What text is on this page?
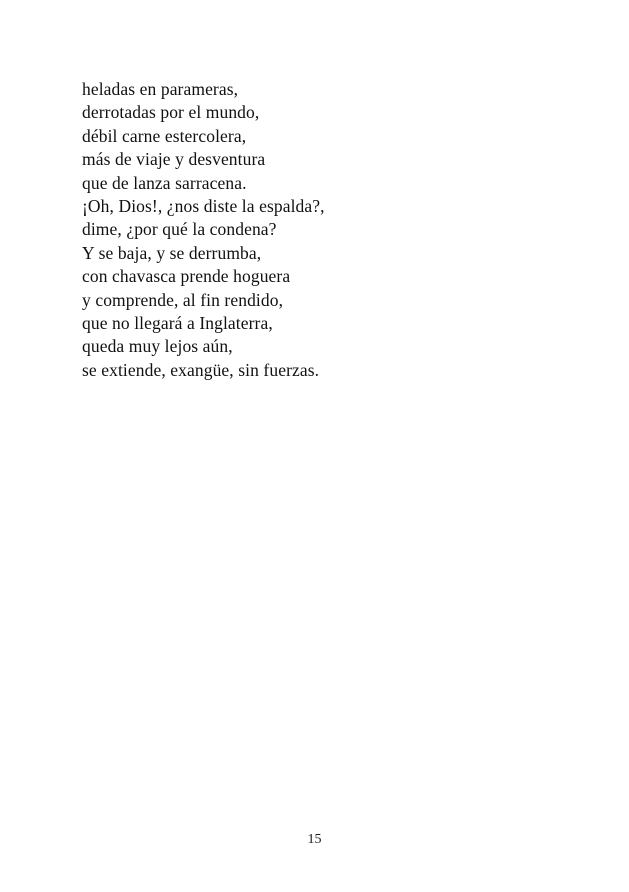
heladas en parameras,
derrotadas por el mundo,
débil carne estercolera,
más de viaje y desventura
que de lanza sarracena.
¡Oh, Dios!, ¿nos diste la espalda?,
dime, ¿por qué la condena?
Y se baja, y se derrumba,
con chavasca prende hoguera
y comprende, al fin rendido,
que no llegará a Inglaterra,
queda muy lejos aún,
se extiende, exangüe, sin fuerzas.
15
